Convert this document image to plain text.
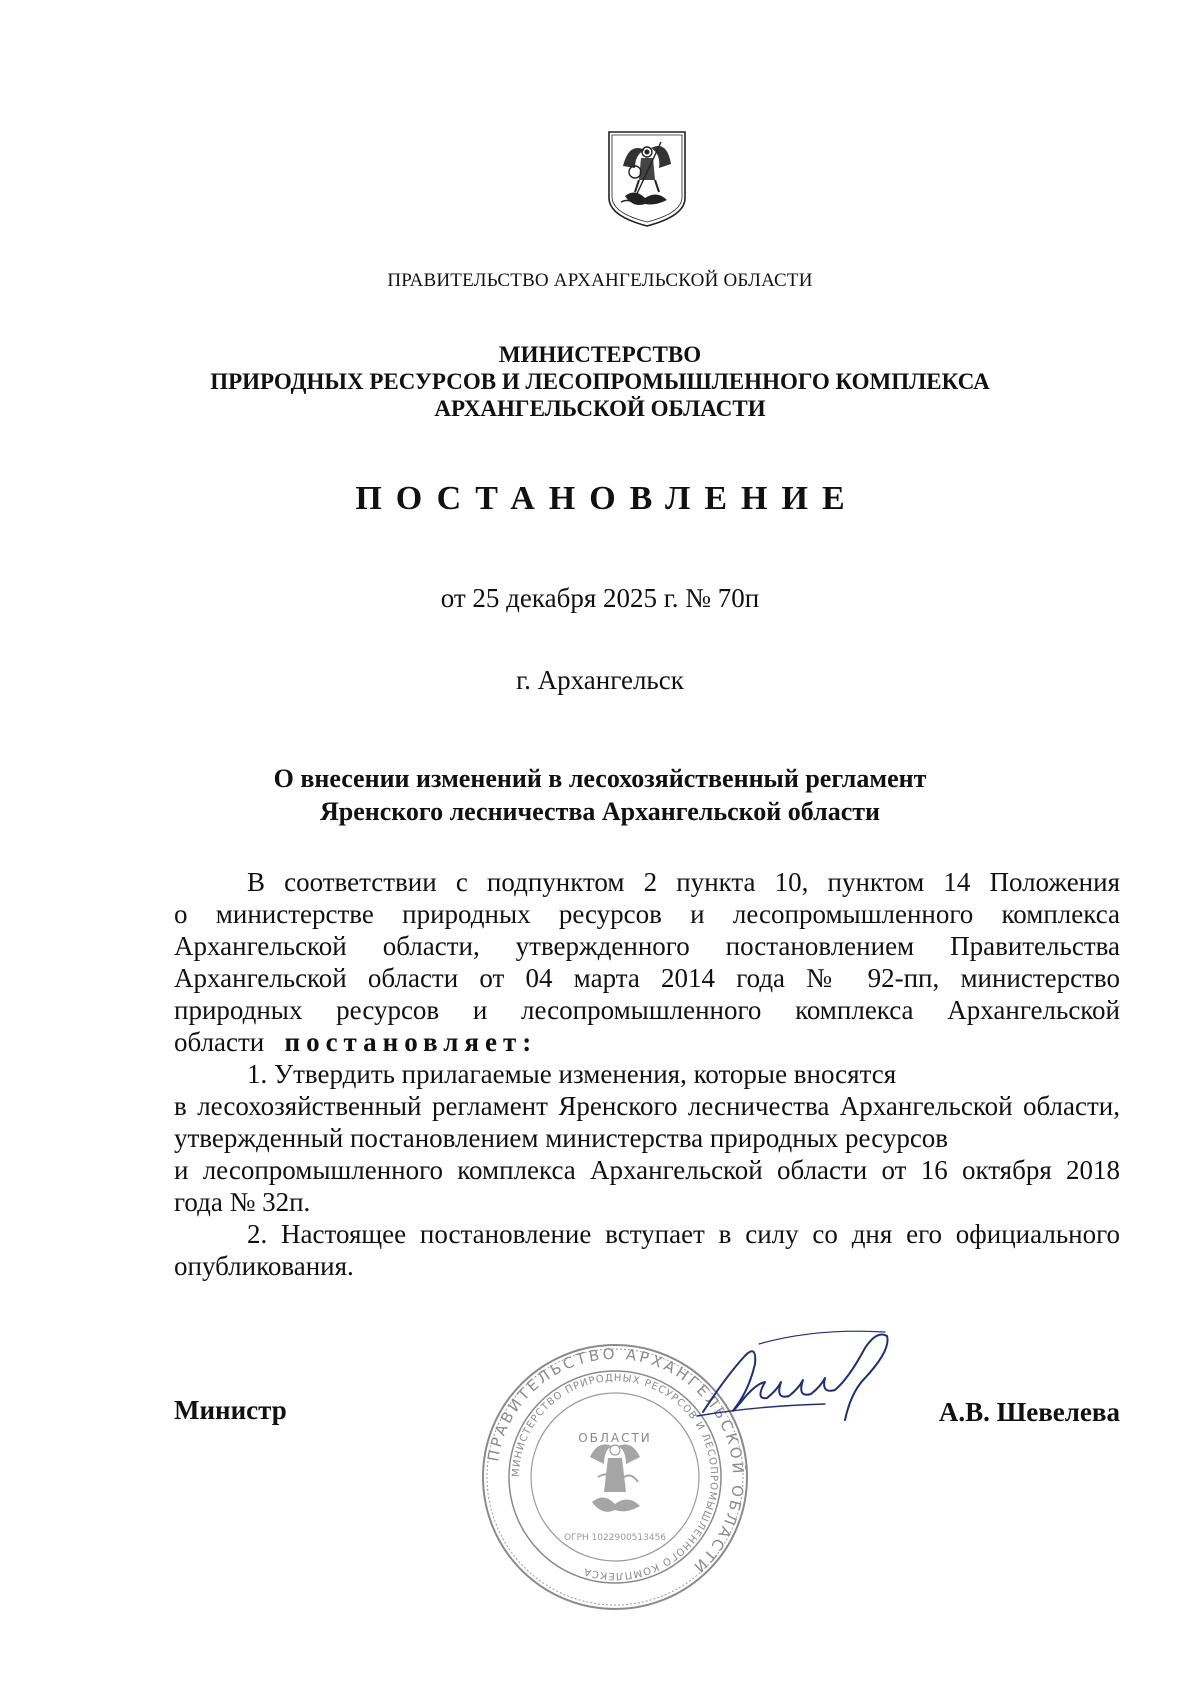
ПРАВИТЕЛЬСТВО АРХАНГЕЛЬСКОЙ ОБЛАСТИ
МИНИСТЕРСТВО
ПРИРОДНЫХ РЕСУРСОВ И ЛЕСОПРОМЫШЛЕННОГО КОМПЛЕКСА
АРХАНГЕЛЬСКОЙ ОБЛАСТИ
ПОСТАНОВЛЕНИЕ
от 25 декабря 2025 г. № 70п
г. Архангельск
О внесении изменений в лесохозяйственный регламент
Яренского лесничества Архангельской области

В соответствии с подпунктом 2 пункта 10, пунктом 14 Положения

о министерстве природных ресурсов и лесопромышленного комплекса

Архангельской области, утвержденного постановлением Правительства

Архангельской области от 04 марта 2014 года № 92-пп, министерство

природных ресурсов и лесопромышленного комплекса Архангельской

области постановляет:

1. Утвердить прилагаемые изменения, которые вносятся

в лесохозяйственный регламент Яренского лесничества Архангельской области,

утвержденный постановлением министерства природных ресурсов

и лесопромышленного комплекса Архангельской области от 16 октября 2018

года № 32п.

2. Настоящее постановление вступает в силу со дня его официального

опубликования.

ПРАВИТЕЛЬСТВО АРХАНГЕЛЬСКОЙ ОБЛАСТИ
МИНИСТЕРСТВО ПРИРОДНЫХ РЕСУРСОВ И ЛЕСОПРОМЫШЛЕННОГО КОМПЛЕКСА
ОБЛАСТИ
ОГРН 1022900513456
Министр	А.В. Шевелева
